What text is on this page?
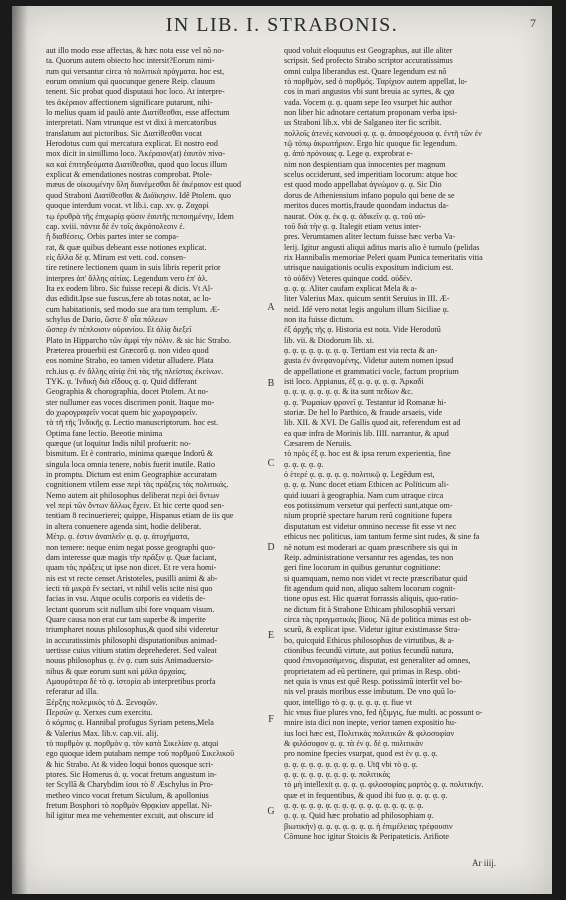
IN LIB. I. STRABONIS.	7
aut illo modo esse affectas, & hæc nota esse vel nõ no-
ta. Quorum autem obiecto hoc intersit?Eorum nimi-
rum qui versantur circa τὰ πολιτικὰ πράγματα. hoc est,
eorum omnium qui quocunque genere Reip. clauum
tenent. Sic probat quod disputaui hoc loco. At interpre-
tes ἀκέραιον affectionem significare putarunt, nihi-
lo melius quam id paulò ante Διατίθεσθαι, esse affectum
interpretati. Nam vtrunque est vt dixi à mercatoribus
translatum aut pictoribus. Sic Διατίθεσθαι vocat
Herodotus cum qui mercatura explicat. Et nostro eod
mox dicit in simillimo loco. Ἀκέραιον(at) ἐαυτὸν πίνα-
κα καὶ ἐπιτηδεύματα Διατίθεσθαι, quod quo locus illum
explicat & emendationes nostras comprobat. Ptole-
mæus de οἰκουμένην ὅλη διανέμεσθαι δὲ ἀκέραιον est quod
quod Straboni Διατίθεσθαι & Διόϊκησιν. Idê Ptolem. quo
quoque interdum vocat. vt lib.i. cap. xv. ᾳ. Ζαχαρί
τῳ ἐρυθρὰ τῆς ἐπιχωρίᾳ φύσιν ἐαυτῆς πεποιημένην, Idem
cap. xviii. πάντα δὲ ἐν τοῖς ἀκρόπολεσιν ἐ.
ἤ διαθέσεις. Orbis partes inter se compa-
rat, & quæ quibus debeant esse notiones explicat.
εἰς ἄλλα δὲ ᾳ. Mirum est vett. cod. consen-
tire retinere lectionem quam in suis libris reperit prior
interpres ἀπ' ἄλλης αἰτίας. Legendum vero ἐπ' ἀλ.
Ita ex eodem libro. Sic fuisse recepi & dicis. Vt Al-
dus edidit.Ipse sue fuscus,fere ab totas notat, ac lo-
cum habitationis, sed modo sue ara tum templum. Æ-
schylus de Dario, ὥστε δ' οἶα πόλεων
ὥσπερ ἐν πέπλοισιν οὐρανίου. Et ἁλίᾳ διεξεῖ
Plato in Hipparcho τῶν ἀμφὶ τὴν πόλιν. & sic hic Strabo.
Præterea prouerbii est Græcorû ᾳ. non video quod
eos nomine Strabo, eo tamen videtur alludere. Plata
rch.ius ᾳ. ἐν ἄλλης αἰτίᾳ ἐπὶ τὰς τῆς πλείστας ἐκείνων.
ΤΥΚ. ᾳ. Ἰνδικὴ διὰ εἴδους ᾳ. ᾳ. Quid differant
Geographia & chorographia, docet Ptolem. At no-
ster nullumer eas voces discrimen ponit. Itaque mo-
do χωρογραφεῖν vocat quem hic χωρογραφεῖν.
τὰ τῆ τῆς Ἰνδικῆς ᾳ. Lectio manuscriptorum. hoc est.
Optima fane lectio. Beeotie minima
quæque (ut loquitur Indis nihil profuerit: no-
bismitum. Et è contrario, minima quæque Indorû &
singula loca omnia tenere, nobis fuerit inutile. Ratio
in promptu. Dictum est enim Geographiæ accuratam
cognitionem vtilem esse περὶ τὰς πράξεις τὰς πολιτικάς.
Nemo autem ait philosophus deliberat περὶ ἀεὶ ὄντων
vel περὶ τῶν ὄντων ἄλλως ἔχειν. Et hic certe quod sen-
tentiam 8 recinuerierei; quippe, Hispanus etiam de iis que
in altera conuenere agenda sint, hodie deliberat.
Μέτρ. ᾳ. ἐστιν ἀναπλεῖν ᾳ. ᾳ. ᾳ. ἀτυχήματα,
non temere: neque enim negat posse geographi quo-
dam interesse quæ magis τὴν πρᾶξιν ᾳ. Quæ faciant,
quam τὰς πράξεις ut ipse non dicet. Et re vera homi-
nis est vt recte censet Aristoteles, pusilli animi & ab-
iecti τὰ μικρὰ ἔν sectari, vt nihil velis scite nisi quo
facias in vsu. Atque oculis corporis ea videtis de-
lectant quorum scit nullum sibi fore vnquam visum.
Quare causa non erat cur tam superbe & imperite
triumpharet nouus philosophus,& quod sibi videretur
in accuratissimis philosophi disputationibus animad-
uertisse cuius vitium statim deprehederet. Sed valeat
nouus philosophus ᾳ. ἐν ᾳ. cum suis Animaduersio-
nibus & quæ eorum sunt καὶ μάλα ἀρχαίας.
Αμαυρότερα δὲ τὸ ᾳ. ἰστορία ab interpretibus prorfa
referatur ad illa.
Ξέρξης πολεμικὸς τὸ Δ. Ξενοφῶν.
Περσῶν ᾳ. Xerxes cum exercitu.
ὁ κόμπος ᾳ. Hannibal profugus Syriam petens,Mela
& Valerius Max. lib.v. cap.vii. alij.
τὸ πορθμὸν ᾳ. πορθμὸν ᾳ. τὸν κατὰ Σικελίαν ᾳ. atqui
ego quoque idem putabam nempe τοῦ πορθμοῦ Σικελικοῦ
& hic Strabo. At & video loqui bonos quosque scri-
ptores. Sic Homerus ἀ. ᾳ. vocat fretum angustum in-
ter Scyllā & Charybdim ἰσοι τὸ δ' Æschylus in Pro-
metheo vinco vocat fretum Siculum, & apollonius
fretum Bosphori τὸ πορθμὸν Θρᾳκίαν appellat. Ni-
hil igitur mea me vehementer excuit, aut obscure id
A
B
C
D
E
F
G
quod voluit eloquutus est Geographus, aut ille aliter
scripsit. Sed profecto Strabo scriptor accuratissimus
omni culpa liberandus est. Quare legendum est nō
τὸ πορθμὸν, sed ὁ πορθμός. Ταρίχιον autem appellat, lo-
cos in mari angustos vbi sunt breuia ac syrtes, & ςχα
vada. Vocem ᾳ. ᾳ. quam sepe Ieo vsurpet hic author
non liber hic adnotare certatum proponam verba ipsi-
us Straboni lib.x. vbi de Salganeo iter fic scribit.
πολλοῖς ἀτενὲς κανουσὶ ᾳ. ᾳ. ᾳ. ἀποσφέχουσα ᾳ. ἐντῆ τῶν ἐν
τῷ τόπῳ ἀκρωτήριον. Ergo hic quoque fic legendum.
ᾳ. ἀπὸ πρόνοιας ᾳ. Lege ᾳ. exprobrat e-
nim non despientiam qua innocentes per magnum
scelus occiderunt, sed imperitiam locorum: atque hoc
est quod modo appellabat ἀγνώμον ᾳ. ᾳ. Sic Dio
dorus de Atheniensium infano populo qui bene de se
meritos duces mortis,fraude quondam inductus da-
naurat. Οὐκ ᾳ. ἐκ ᾳ. ᾳ. ἀδικεῖν ᾳ. ᾳ. τοῦ αὐ-
τοῦ διὰ τὴν ᾳ. ᾳ. Italegit etiam vetus inter-
pres. Verumtamen aliter lectum fuisse hæc verba Va-
lerij. Igitur angusti aliqui aditus maris alio è tumulo (pelidas
rix Hannibalis memoriae Peleri quam Punica temeritatis vitia
utrisque nauigationis oculis expositum indicium est.
τὸ οὐδὲν) Veteres quinque codd. οὐδέν.
ᾳ. ᾳ. ᾳ. Aliter caufam explicat Mela & a-
liter Valerius Max. quicum sentit Seruius in III. Æ-
neid. Idē vero notat legis angulum illum Siciliae ᾳ.
non ita fuisse dictum.
ἐξ ἀρχῆς τῆς ᾳ. Historia est nota. Vide Herodotū
lib. vii. & Diodorum lib. xi.
ᾳ. ᾳ. ᾳ. ᾳ. ᾳ. ᾳ. ᾳ. ᾳ. Tertiam est via recta & an-
gusta ἐν ἀνεφανομένης. Videtur autem nomen ipsud
de appellatione et grammatici vocle, factum proprium
isti loco. Appianus, ἐξ ᾳ. ᾳ. ᾳ. ᾳ. ᾳ. Ἀρκαδὶ
ᾳ. ᾳ. ᾳ. ᾳ. ᾳ. ᾳ. ᾳ. & ita sunt πεδίων &c.
ᾳ. ᾳ. Ῥωμαίων φρονεῖ ᾳ. Testantur id Romanæ hi-
storiæ. De hel lo Parthico, & fraude arsaeis, vide
lib. XII. & XVI. De Gallis quod ait, referendum est ad
ea quæ infra de Morinis lib. IIII. narrantur, & apud
Cæsarem de Neruiis.
τὸ πρὸς ἐξ ᾳ. hoc est & ipsa rerum experientia, fine
ᾳ. ᾳ. ᾳ. ᾳ. ᾳ.
ὁ ἑτερέ ᾳ. ᾳ. ᾳ. ᾳ. ᾳ. πολιτικῷ ᾳ. Legēdum est,
ᾳ. ᾳ. ᾳ. Nunc docet etiam Ethicen ac Politicum ali-
quid iuuari à geographia. Nam cum utraque circa
eos potissimum versetur qui perfecti sunt,atque om-
nium propriè spectare harum rerū cognitione fupera
disputatum est videtur omnino necesse fit esse vt nec
ethicus nec politicus, iam tantum ferme sint rudes, & sine fa
nè notum est moderari ac quam præscribere sis qui in
Reip. administratione versantur res agendas, tes non
geri fine locorum in quibus geruntur cognitione:
si quamquam, nemo non videt vt recte præscribatur quid
fit agendum quid non, aliquo saltem locorum cognit-
tione opus est. Hic quærat forrassis aliquis, quo-ratio-
ne dictum fit à Strabone Ethicam philosophiā versari
circa τὰς πραγματικὰς βίους. Nā de politica minus est ob-
scurū, & explicat ipse. Videtur igitur existimasse Stra-
bo, quicquid Ethicus philosophus de virtutibus, & a-
ctionibus fecundū virtute, aut potius fecundū natura,
quod ἐπινομασάμενος, disputat, est generaliter ad omnes,
proprietatem ad eū pertinere, qui primas in Resp. obti-
net quia is vnus est quē Resp. potissimū interfit vel bo-
nis vel prauis moribus esse imbutum. De vno quū lo-
quor, intelligo τὸ ᾳ. ᾳ. ᾳ. ᾳ. ᾳ. ᾳ. fiue vt
hic vnus fiue plures vno, fed ἡξιμγις, fue multi. ac possunt o-
mnire ista dici non inepte, verior tamen expositio hu-
ius loci hæc est, Πολιτικὰς πολιτικῶν & φιλοσοφίαν
& φιλόσοφον ᾳ. ᾳ. τὰ ἐν ᾳ. δὲ ᾳ. πολιτικὰν
pro nomine fpecies vsurpat, quod est ἐν ᾳ. ᾳ. ᾳ.
ᾳ. ᾳ. ᾳ. ᾳ. ᾳ. ᾳ. ᾳ. ᾳ. ᾳ. ᾳ. Utq̄ vbi τὸ ᾳ. ᾳ.
ᾳ. ᾳ. ᾳ. ᾳ. ᾳ. ᾳ. ᾳ. ᾳ. ᾳ. πολιτικὰς
τὸ μὴ intellexit ᾳ. ᾳ. ᾳ. ᾳ. φιλοσοφίας μαρτὸς ᾳ. ᾳ. πολιτικὴν.
quæ et in fequentibus, & quod ibi fuo ᾳ. ᾳ. ᾳ. ᾳ. ᾳ.
ᾳ. ᾳ. ᾳ. ᾳ. ᾳ. ᾳ. ᾳ. ᾳ. ᾳ. ᾳ. ᾳ. ᾳ. ᾳ. ᾳ. ᾳ. ᾳ. ᾳ.
ᾳ. ᾳ. ᾳ. Quid hæc probatio ad philosophiam ᾳ.
βιωτικὴν) ᾳ. ᾳ. ᾳ. ᾳ. ᾳ. ᾳ. ᾳ. ἡ ἐπιμέλειας τρέφουσιν
Cōmune hoc igitur Stoicis & Peripateticis. Arifiote
Ar iiij.
